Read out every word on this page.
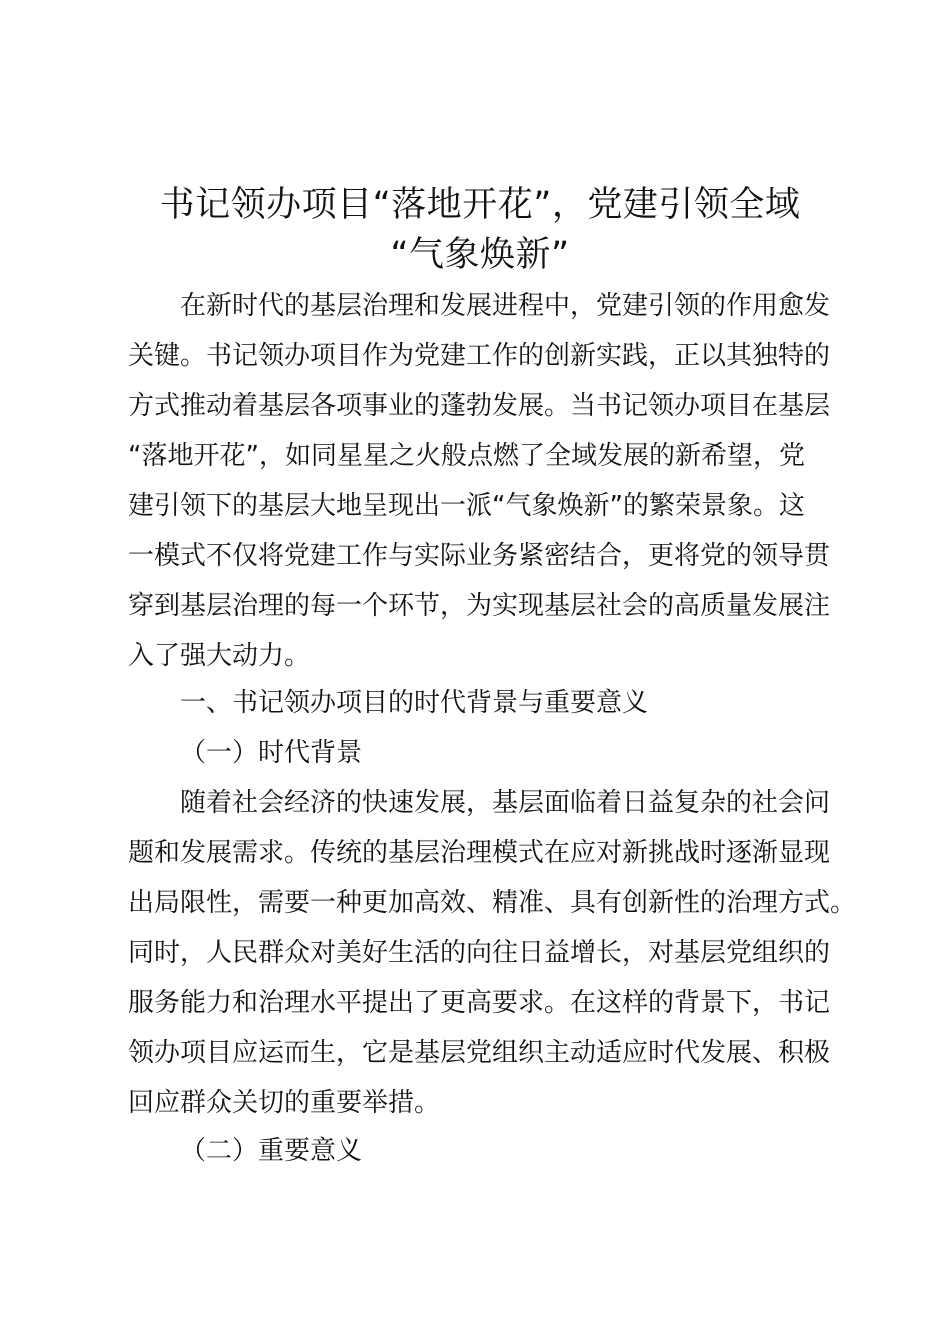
书记领办项目“落地开花”，党建引领全域
“气象焕新”
在新时代的基层治理和发展进程中，党建引领的作用愈发
关键。书记领办项目作为党建工作的创新实践，正以其独特的
方式推动着基层各项事业的蓬勃发展。当书记领办项目在基层
“落地开花”，如同星星之火般点燃了全域发展的新希望，党
建引领下的基层大地呈现出一派“气象焕新”的繁荣景象。这
一模式不仅将党建工作与实际业务紧密结合，更将党的领导贯
穿到基层治理的每一个环节，为实现基层社会的高质量发展注
入了强大动力。
一、书记领办项目的时代背景与重要意义
（一）时代背景
随着社会经济的快速发展，基层面临着日益复杂的社会问
题和发展需求。传统的基层治理模式在应对新挑战时逐渐显现
出局限性，需要一种更加高效、精准、具有创新性的治理方式。
同时，人民群众对美好生活的向往日益增长，对基层党组织的
服务能力和治理水平提出了更高要求。在这样的背景下，书记
领办项目应运而生，它是基层党组织主动适应时代发展、积极
回应群众关切的重要举措。
（二）重要意义
